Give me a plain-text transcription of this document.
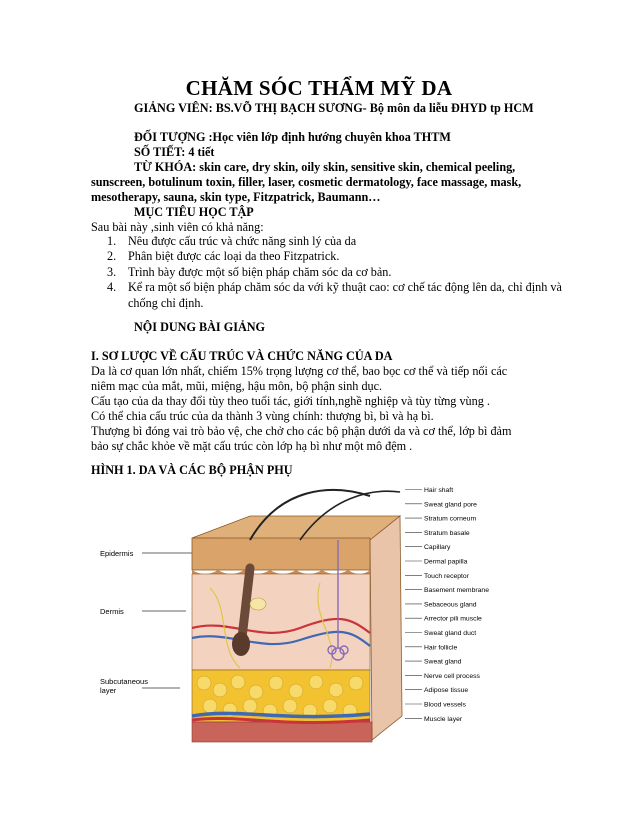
CHĂM SÓC THẨM MỸ DA
GIẢNG VIÊN: BS.VÕ THỊ BẠCH SƯƠNG- Bộ môn da liễu ĐHYD tp HCM
ĐỐI TƯỢNG :Học viên lớp định hướng chuyên khoa THTM
SỐ TIẾT: 4 tiết
TỪ KHÓA: skin care, dry skin, oily skin, sensitive skin, chemical peeling,
sunscreen, botulinum toxin, filler, laser, cosmetic dermatology, face massage, mask,
mesotherapy, sauna, skin type, Fitzpatrick, Baumann…
MỤC TIÊU HỌC TẬP
Sau bài này ,sinh viên có khả năng:
1. Nêu được cấu trúc và chức năng sinh lý của da
2. Phân biệt được các loại da theo Fitzpatrick.
3. Trình bày được một số biện pháp chăm sóc da cơ bản.
4. Kể ra một số biện pháp chăm sóc da với kỹ thuật cao: cơ chế tác động lên da, chỉ định và chống chỉ định.
NỘI DUNG BÀI GIẢNG
I. SƠ LƯỢC VỀ CẤU TRÚC VÀ CHỨC NĂNG CỦA DA
Da là cơ quan lớn nhất, chiếm 15% trọng lượng cơ thể, bao bọc cơ thể và tiếp nối các
niêm mạc của mắt, mũi, miệng, hậu môn, bộ phận sinh dục.
Cấu tạo của da thay đổi tùy theo tuổi tác, giới tính,nghề nghiệp và tùy từng vùng .
Có thể chia cấu trúc của da thành 3 vùng chính: thượng bì, bì và hạ bì.
Thượng bì đóng vai trò bảo vệ, che chở cho các bộ phận dưới da và cơ thể, lớp bì đảm
bảo sự chắc khỏe về mặt cấu trúc còn lớp hạ bì như một mô đệm .
HÌNH 1. DA VÀ CÁC BỘ PHẬN PHỤ
Epidermis
Dermis
Subcutaneous
layer
Hair shaft
Sweat gland pore
Stratum corneum
Stratum basale
Capillary
Dermal papilla
Touch receptor
Basement membrane
Sebaceous gland
Arrector pili muscle
Sweat gland duct
Hair follicle
Sweat gland
Nerve cell process
Adipose tissue
Blood vessels
Muscle layer
